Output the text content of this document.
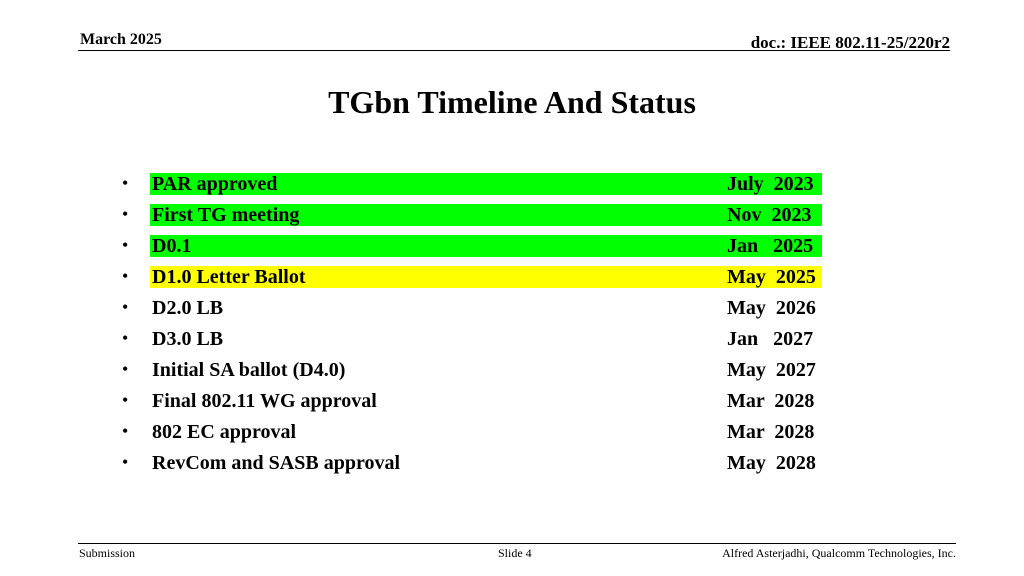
March 2025	doc.: IEEE 802.11-25/220r2
TGbn Timeline And Status
• PAR approved	July  2023
• First TG meeting	Nov  2023
• D0.1	Jan   2025
• D1.0 Letter Ballot	May  2025
• D2.0 LB	May  2026
• D3.0 LB	Jan   2027
• Initial SA ballot (D4.0)	May  2027
• Final 802.11 WG approval	Mar  2028
• 802 EC approval	Mar  2028
• RevCom and SASB approval	May  2028
Submission	Slide 4	Alfred Asterjadhi, Qualcomm Technologies, Inc.
